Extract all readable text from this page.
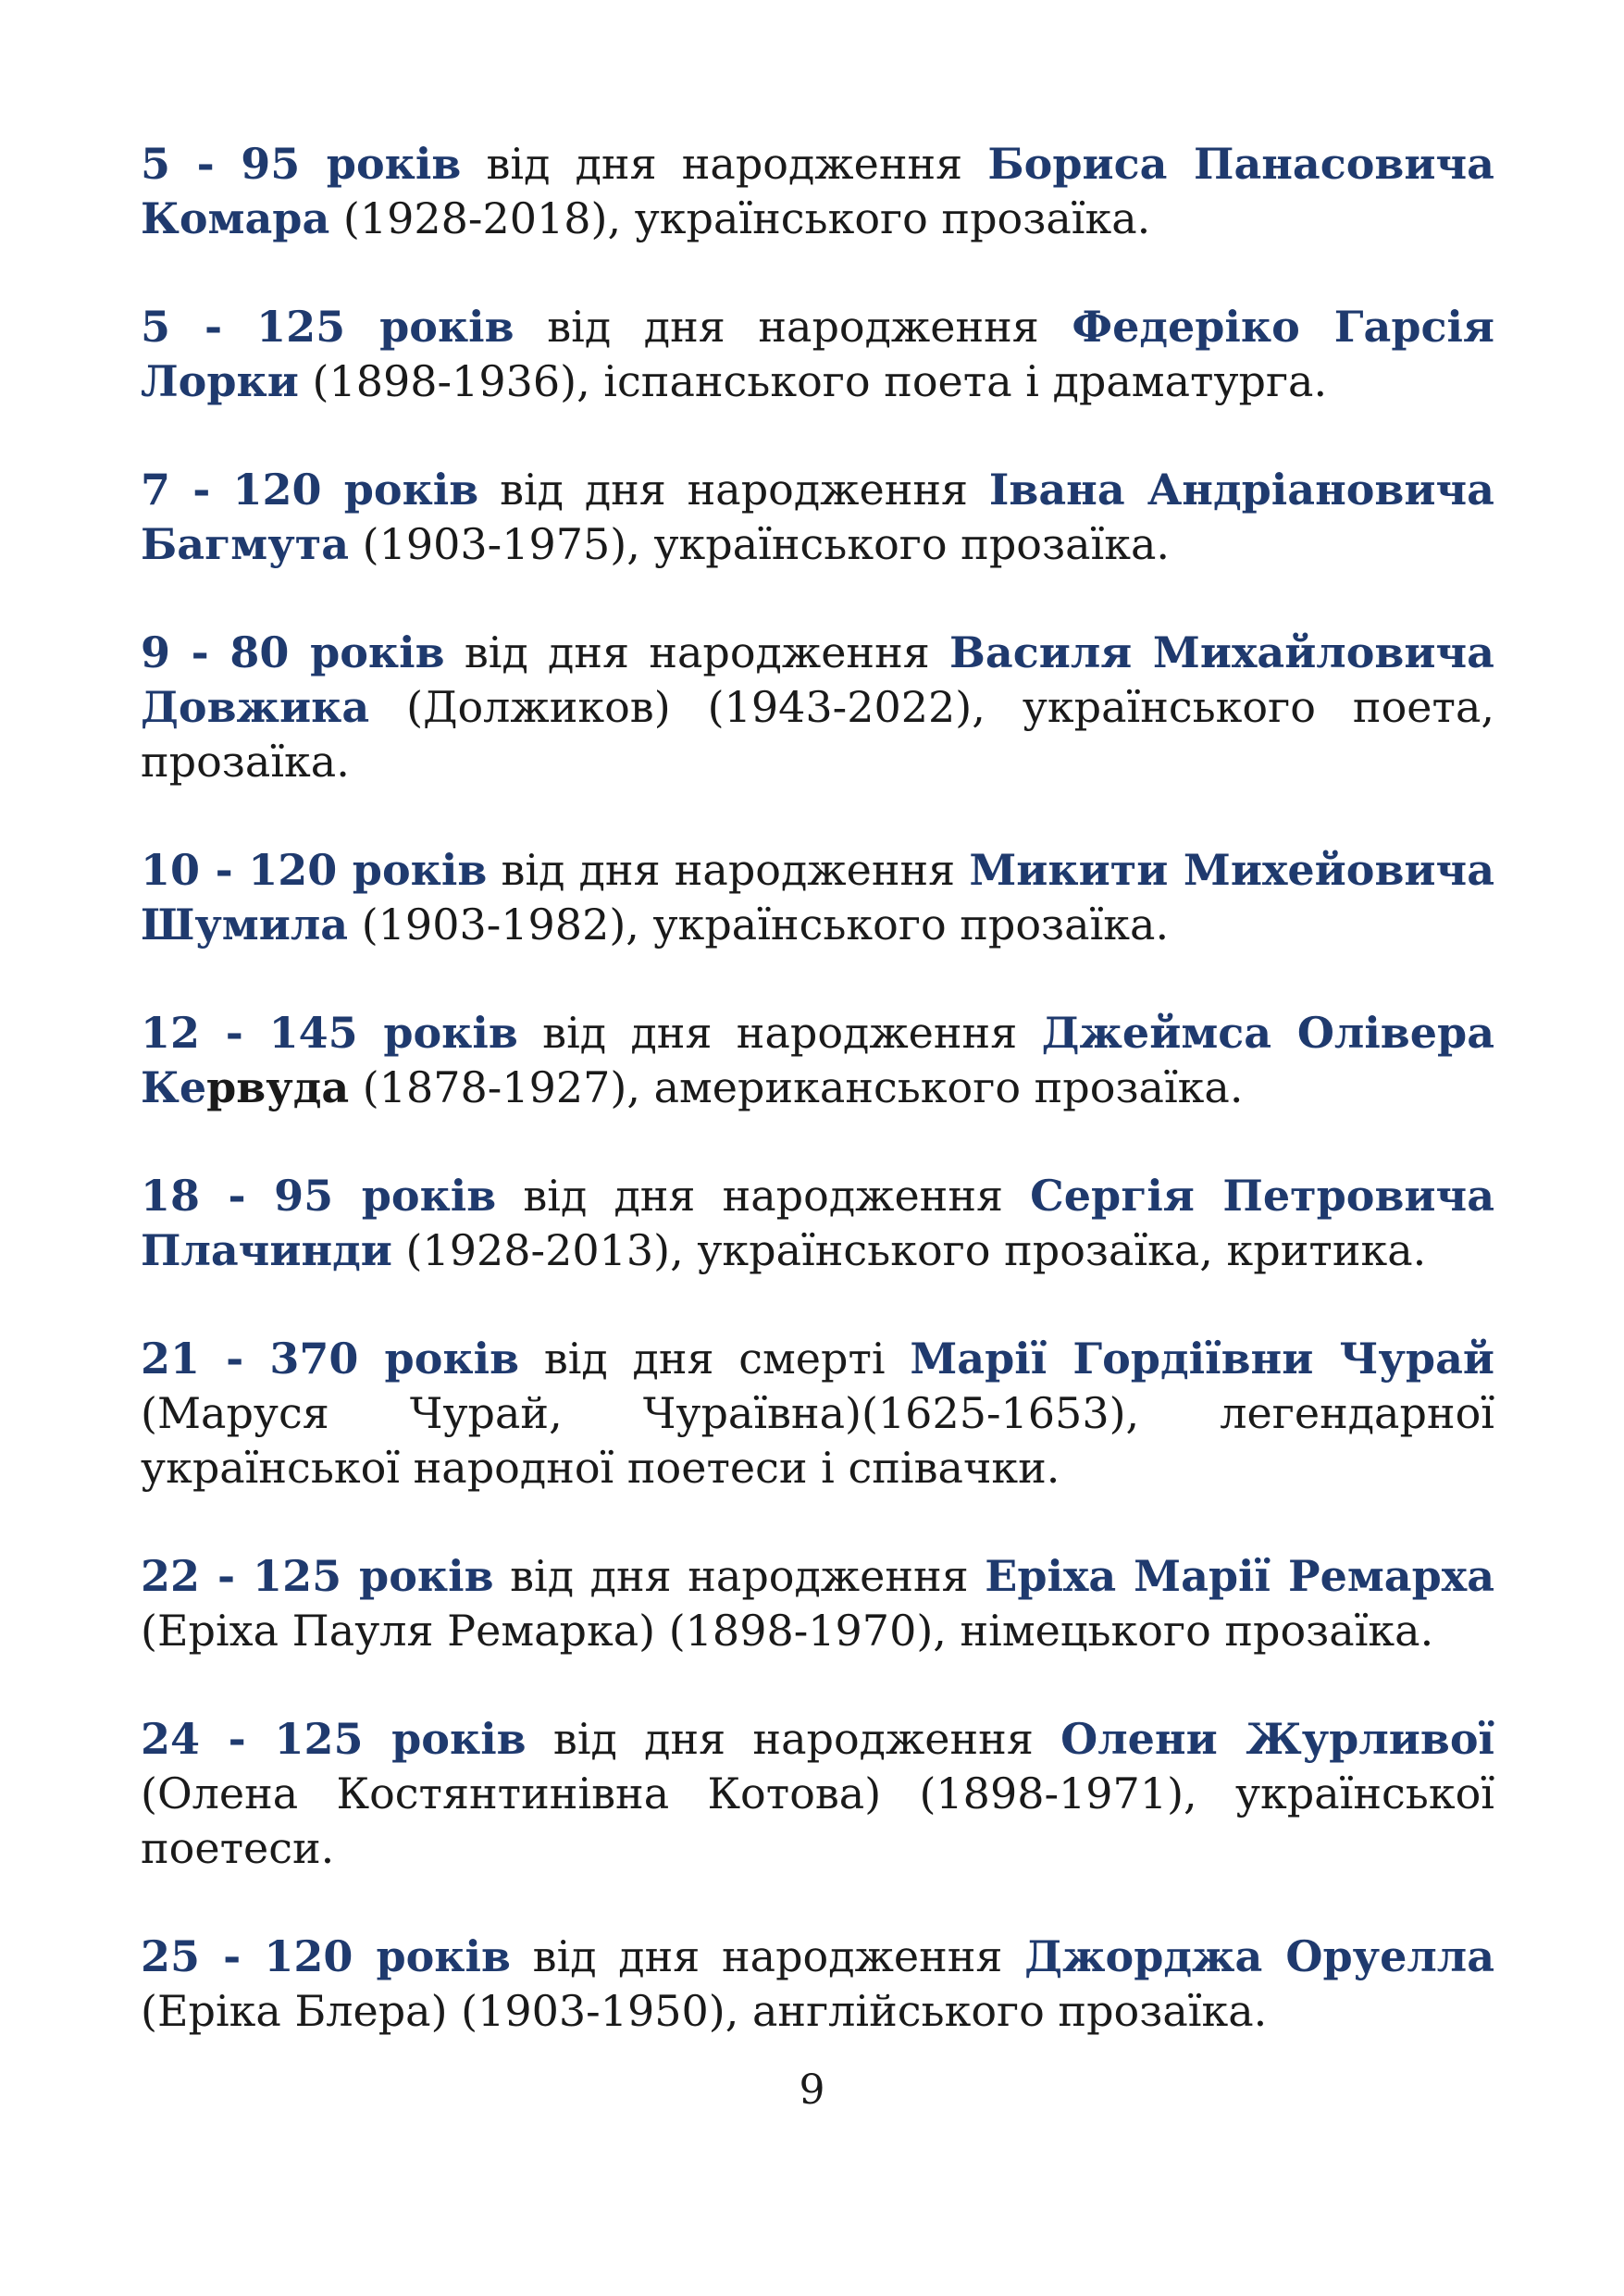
5 - 95 років від дня народження Бориса Панасовича Комара (1928-2018), українського прозаїка.

5 - 125 років від дня народження Федеріко Гарсія Лорки (1898-1936), іспанського поета і драматурга.

7 - 120 років від дня народження Івана Андріановича Багмута (1903-1975), українського прозаїка.

9 - 80 років від дня народження Василя Михайловича Довжика (Должиков) (1943-2022), українського поета, прозаїка.

10 - 120 років від дня народження Микити Михейовича Шумила (1903-1982), українського прозаїка.

12 - 145 років від дня народження Джеймса Олівера Кервуда (1878-1927), американського прозаїка.

18 - 95 років від дня народження Сергія Петровича Плачинди (1928-2013), українського прозаїка, критика.

21 - 370 років від дня смерті Марії Гордіївни Чурай (Маруся Чурай, Чураївна)(1625-1653), легендарної української народної поетеси і співачки.

22 - 125 років від дня народження Еріха Марії Ремарха (Еріха Пауля Ремарка) (1898-1970), німецького прозаїка.

24 - 125 років від дня народження Олени Журливої (Олена Костянтинівна Котова) (1898-1971), української поетеси.

25 - 120 років від дня народження Джорджа Оруелла (Еріка Блера) (1903-1950), англійського прозаїка.

9
